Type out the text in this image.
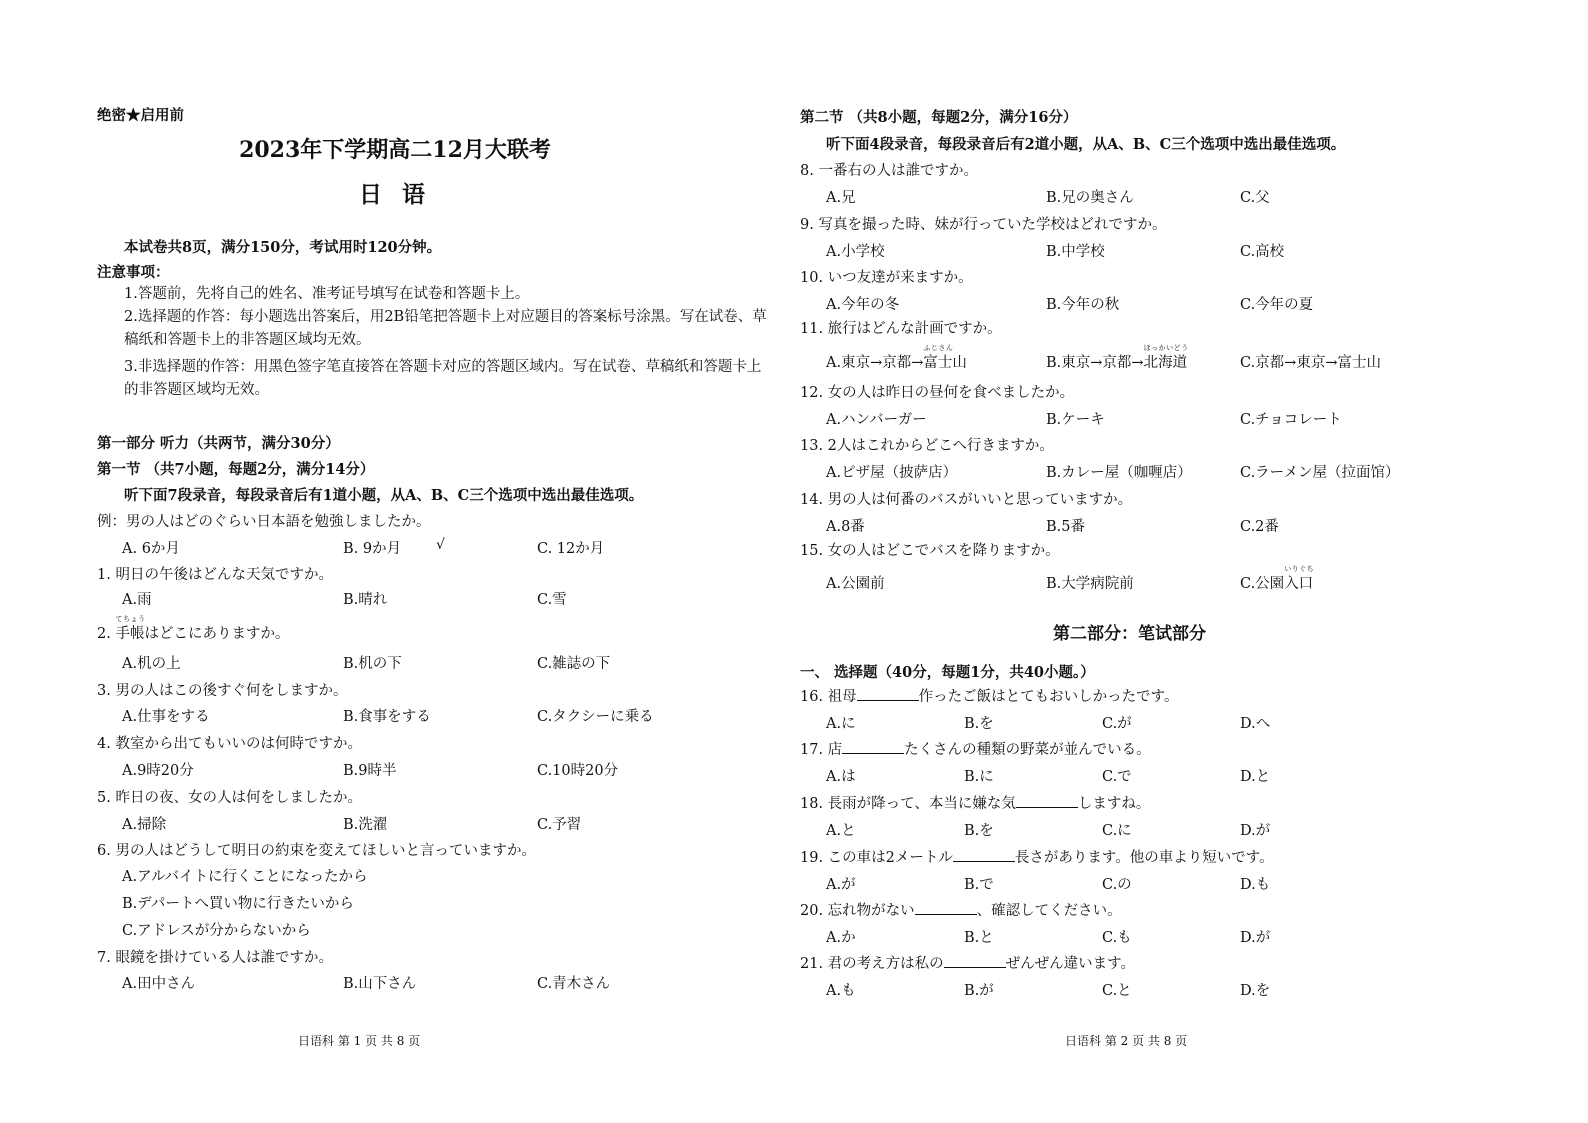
绝密★启用前
2023年下学期高二12月大联考
日 语
本试卷共8页，满分150分，考试用时120分钟。
注意事项：
1.答题前，先将自己的姓名、准考证号填写在试卷和答题卡上。
2.选择题的作答：每小题选出答案后，用2B铅笔把答题卡上对应题目的答案标号涂黑。写在试卷、草稿纸和答题卡上的非答题区域均无效。
3.非选择题的作答：用黑色签字笔直接答在答题卡对应的答题区域内。写在试卷、草稿纸和答题卡上的非答题区域均无效。
第一部分 听力（共两节，满分30分）
第一节 （共7小题，每题2分，满分14分）
听下面7段录音，每段录音后有1道小题，从A、B、C三个选项中选出最佳选项。
例：男の人はどのぐらい日本語を勉強しましたか。
A. 6か月	B. 9か月 √	C. 12か月
1. 明日の午後はどんな天気ですか。
A.雨	B.晴れ	C.雪
2.
てちょう
手帳はどこにありますか。
A.机の上	B.机の下	C.雑誌の下
3. 男の人はこの後すぐ何をしますか。
A.仕事をする	B.食事をする	C.タクシーに乗る
4. 教室から出てもいいのは何時ですか。
A.9時20分	B.9時半	C.10時20分
5. 昨日の夜、女の人は何をしましたか。
A.掃除	B.洗濯	C.予習
6. 男の人はどうして明日の約束を変えてほしいと言っていますか。
A.アルバイトに行くことになったから
B.デパートへ買い物に行きたいから
C.アドレスが分からないから
7. 眼鏡を掛けている人は誰ですか。
A.田中さん	B.山下さん	C.青木さん
日语科 第 1 页 共 8 页
第二节 （共8小题，每题2分，满分16分）
听下面4段录音，每段录音后有2道小题，从A、B、C三个选项中选出最佳选项。
8. 一番右の人は誰ですか。
A.兄	B.兄の奥さん	C.父
9. 写真を撮った時、妹が行っていた学校はどれですか。
A.小学校	B.中学校	C.高校
10. いつ友達が来ますか。
A.今年の冬	B.今年の秋	C.今年の夏
11. 旅行はどんな計画ですか。
A.東京→京都→
ふじさん
富士山	B.東京→京都→
ほっかいどう
北海道	C.京都→東京→富士山
12. 女の人は昨日の昼何を食べましたか。
A.ハンバーガー	B.ケーキ	C.チョコレート
13. 2人はこれからどこへ行きますか。
A.ピザ屋（披萨店）	B.カレー屋（咖喱店）	C.ラーメン屋（拉面馆）
14. 男の人は何番のバスがいいと思っていますか。
A.8番	B.5番	C.2番
15. 女の人はどこでバスを降りますか。
A.公園前	B.大学病院前	C.公園
いりぐち
入口
第二部分：笔试部分
一、 选择题（40分，每题1分，共40小题。）
16. 祖母	作ったご飯はとてもおいしかったです。
A.に	B.を	C.が	D.へ
17. 店	たくさんの種類の野菜が並んでいる。
A.は	B.に	C.で	D.と
18. 長雨が降って、本当に嫌な気	しますね。
A.と	B.を	C.に	D.が
19. この車は2メートル	長さがあります。他の車より短いです。
A.が	B.で	C.の	D.も
20. 忘れ物がない	、確認してください。
A.か	B.と	C.も	D.が
21. 君の考え方は私の	ぜんぜん違います。
A.も	B.が	C.と	D.を
日语科 第 2 页 共 8 页
